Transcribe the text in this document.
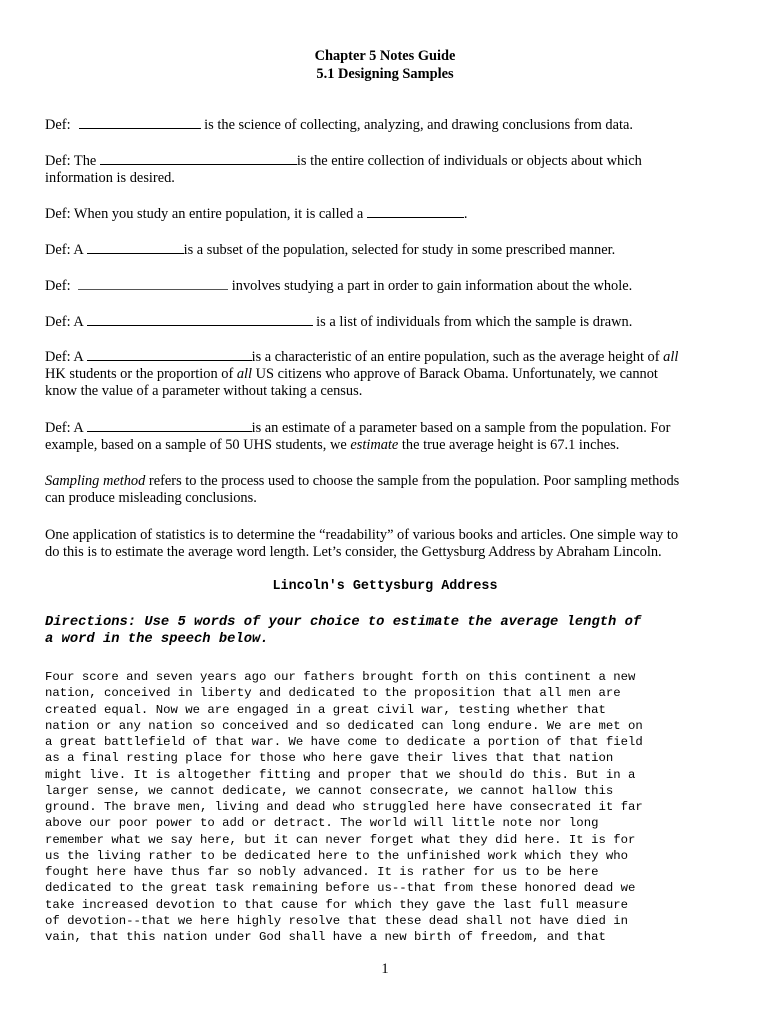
Chapter 5 Notes Guide
5.1 Designing Samples
Def:	is the science of collecting, analyzing, and drawing conclusions from data.
Def: The	is the entire collection of individuals or objects about which
information is desired.
Def: When you study an entire population, it is called a	.
Def: A	is a subset of the population, selected for study in some prescribed manner.
Def:	involves studying a part in order to gain information about the whole.
Def: A	is a list of individuals from which the sample is drawn.
Def: A	is a characteristic of an entire population, such as the average height of all
HK students or the proportion of all US citizens who approve of Barack Obama. Unfortunately, we cannot
know the value of a parameter without taking a census.
Def: A	is an estimate of a parameter based on a sample from the population. For
example, based on a sample of 50 UHS students, we estimate the true average height is 67.1 inches.
Sampling method refers to the process used to choose the sample from the population. Poor sampling methods
can produce misleading conclusions.
One application of statistics is to determine the “readability” of various books and articles. One simple way to
do this is to estimate the average word length. Let’s consider, the Gettysburg Address by Abraham Lincoln.
Lincoln's Gettysburg Address
Directions: Use 5 words of your choice to estimate the average length of
a word in the speech below.
Four score and seven years ago our fathers brought forth on this continent a new
nation, conceived in liberty and dedicated to the proposition that all men are
created equal. Now we are engaged in a great civil war, testing whether that
nation or any nation so conceived and so dedicated can long endure. We are met on
a great battlefield of that war. We have come to dedicate a portion of that field
as a final resting place for those who here gave their lives that that nation
might live. It is altogether fitting and proper that we should do this. But in a
larger sense, we cannot dedicate, we cannot consecrate, we cannot hallow this
ground. The brave men, living and dead who struggled here have consecrated it far
above our poor power to add or detract. The world will little note nor long
remember what we say here, but it can never forget what they did here. It is for
us the living rather to be dedicated here to the unfinished work which they who
fought here have thus far so nobly advanced. It is rather for us to be here
dedicated to the great task remaining before us--that from these honored dead we
take increased devotion to that cause for which they gave the last full measure
of devotion--that we here highly resolve that these dead shall not have died in
vain, that this nation under God shall have a new birth of freedom, and that
1
